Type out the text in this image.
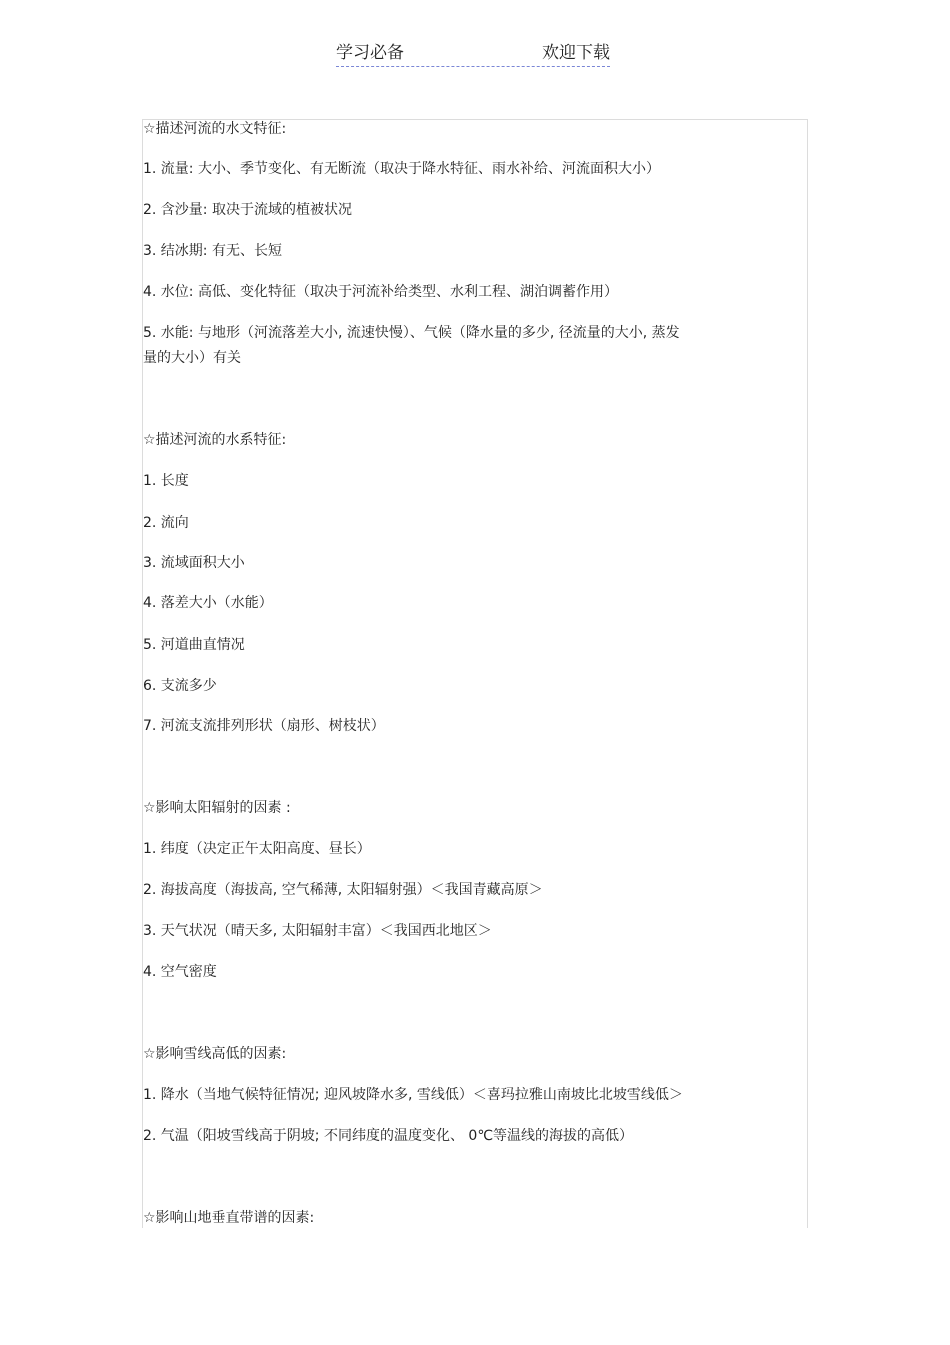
学习必备	欢迎下载
☆描述河流的水文特征:
1. 流量: 大小、季节变化、有无断流（取决于降水特征、雨水补给、河流面积大小）
2. 含沙量: 取决于流域的植被状况
3. 结冰期: 有无、长短
4. 水位: 高低、变化特征（取决于河流补给类型、水利工程、湖泊调蓄作用）
5. 水能: 与地形（河流落差大小, 流速快慢）、气候（降水量的多少, 径流量的大小, 蒸发
量的大小）有关
☆描述河流的水系特征:
1. 长度
2. 流向
3. 流域面积大小
4. 落差大小（水能）
5. 河道曲直情况
6. 支流多少
7. 河流支流排列形状（扇形、树枝状）
☆影响太阳辐射的因素 :
1. 纬度（决定正午太阳高度、昼长）
2. 海拔高度（海拔高, 空气稀薄, 太阳辐射强）＜我国青藏高原＞
3. 天气状况（晴天多, 太阳辐射丰富）＜我国西北地区＞
4. 空气密度
☆影响雪线高低的因素:
1. 降水（当地气候特征情况; 迎风坡降水多, 雪线低）＜喜玛拉雅山南坡比北坡雪线低＞
2. 气温（阳坡雪线高于阴坡; 不同纬度的温度变化、 0℃等温线的海拔的高低）
☆影响山地垂直带谱的因素:
